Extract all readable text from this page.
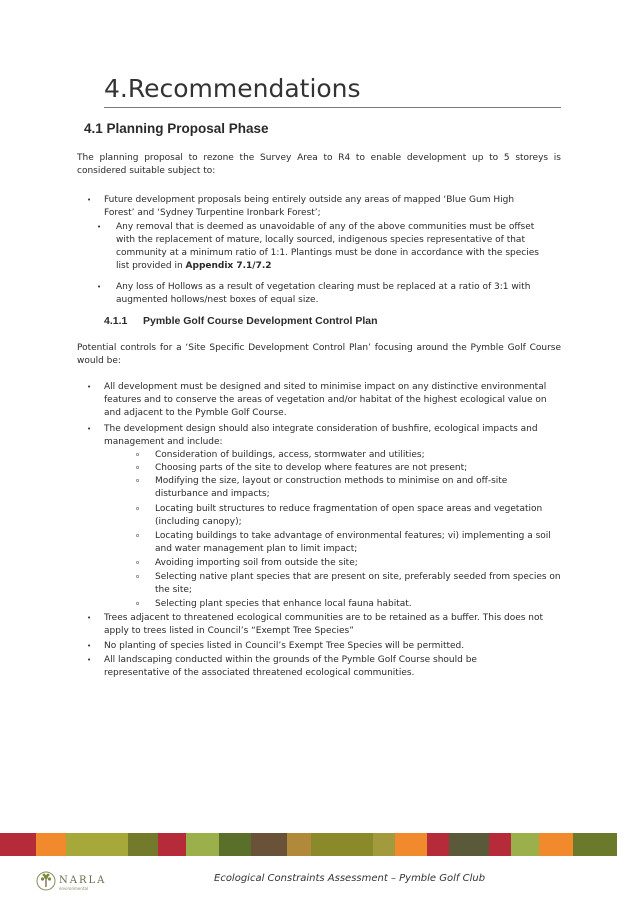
4.Recommendations
4.1 Planning Proposal Phase

The planning proposal to rezone the Survey Area to R4 to enable development up to 5 storeys is considered suitable subject to:

• Future development proposals being entirely outside any areas of mapped ‘Blue Gum High Forest’ and ‘Sydney Turpentine Ironbark Forest’;
• Any removal that is deemed as unavoidable of any of the above communities must be offset with the replacement of mature, locally sourced, indigenous species representative of that community at a minimum ratio of 1:1. Plantings must be done in accordance with the species list provided in Appendix 7.1/7.2
• Any loss of Hollows as a result of vegetation clearing must be replaced at a ratio of 3:1 with augmented hollows/nest boxes of equal size.
4.1.1 Pymble Golf Course Development Control Plan

Potential controls for a ‘Site Specific Development Control Plan’ focusing around the Pymble Golf Course would be:

• All development must be designed and sited to minimise impact on any distinctive environmental features and to conserve the areas of vegetation and/or habitat of the highest ecological value on and adjacent to the Pymble Golf Course.
• The development design should also integrate consideration of bushfire, ecological impacts and management and include:
o Consideration of buildings, access, stormwater and utilities;
o Choosing parts of the site to develop where features are not present;
o Modifying the size, layout or construction methods to minimise on and off-site disturbance and impacts;
o Locating built structures to reduce fragmentation of open space areas and vegetation (including canopy);
o Locating buildings to take advantage of environmental features; vi) implementing a soil and water management plan to limit impact;
o Avoiding importing soil from outside the site;
o Selecting native plant species that are present on site, preferably seeded from species on the site;
o Selecting plant species that enhance local fauna habitat.
• Trees adjacent to threatened ecological communities are to be retained as a buffer. This does not apply to trees listed in Council’s “Exempt Tree Species”
• No planting of species listed in Council’s Exempt Tree Species will be permitted.
• All landscaping conducted within the grounds of the Pymble Golf Course should be representative of the associated threatened ecological communities.
NARLA
environmental

Ecological Constraints Assessment – Pymble Golf Club
